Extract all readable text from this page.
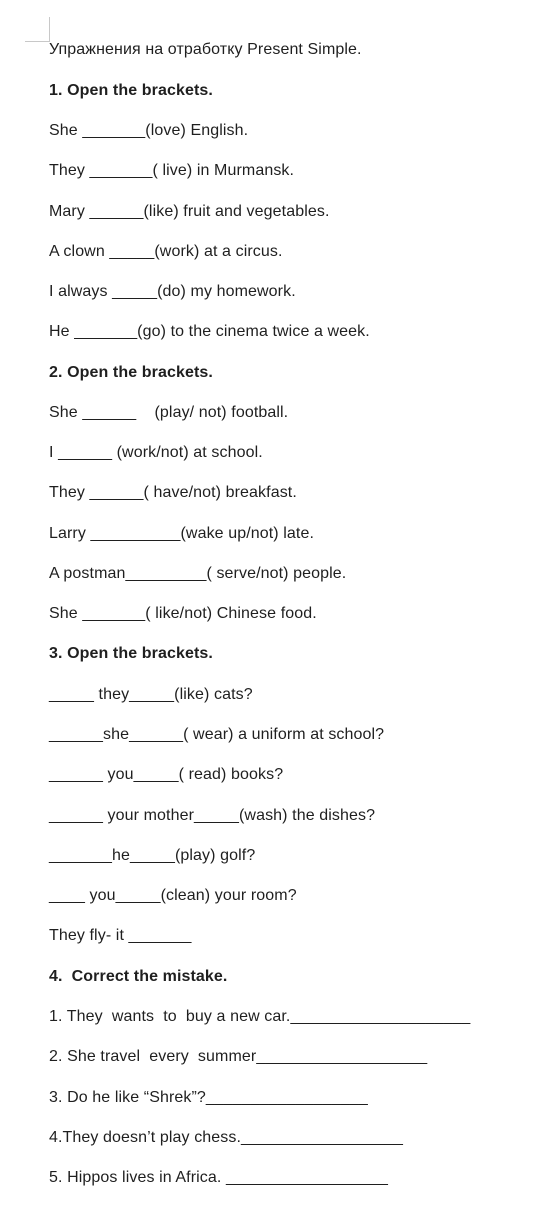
Упражнения на отработку Present Simple.
1. Open the brackets.
She _______(love) English.
They _______( live) in Murmansk.
Mary ______(like) fruit and vegetables.
A clown _____(work) at a circus.
I always _____(do) my homework.
He _______(go) to the cinema twice a week.
2. Open the brackets.
She ______    (play/ not) football.
I ______ (work/not) at school.
They ______( have/not) breakfast.
Larry __________(wake up/not) late.
A postman_________( serve/not) people.
She _______( like/not) Chinese food.
3. Open the brackets.
_____ they_____(like) cats?
______she______( wear) a uniform at school?
______ you_____( read) books?
______ your mother_____(wash) the dishes?
_______he_____(play) golf?
____ you_____(clean) your room?
They fly- it _______
4.  Correct the mistake.
1. They  wants  to  buy a new car.____________________
2. She travel  every  summer___________________
3. Do he like “Shrek”?__________________
4.They doesn’t play chess.__________________
5. Hippos lives in Africa. __________________
